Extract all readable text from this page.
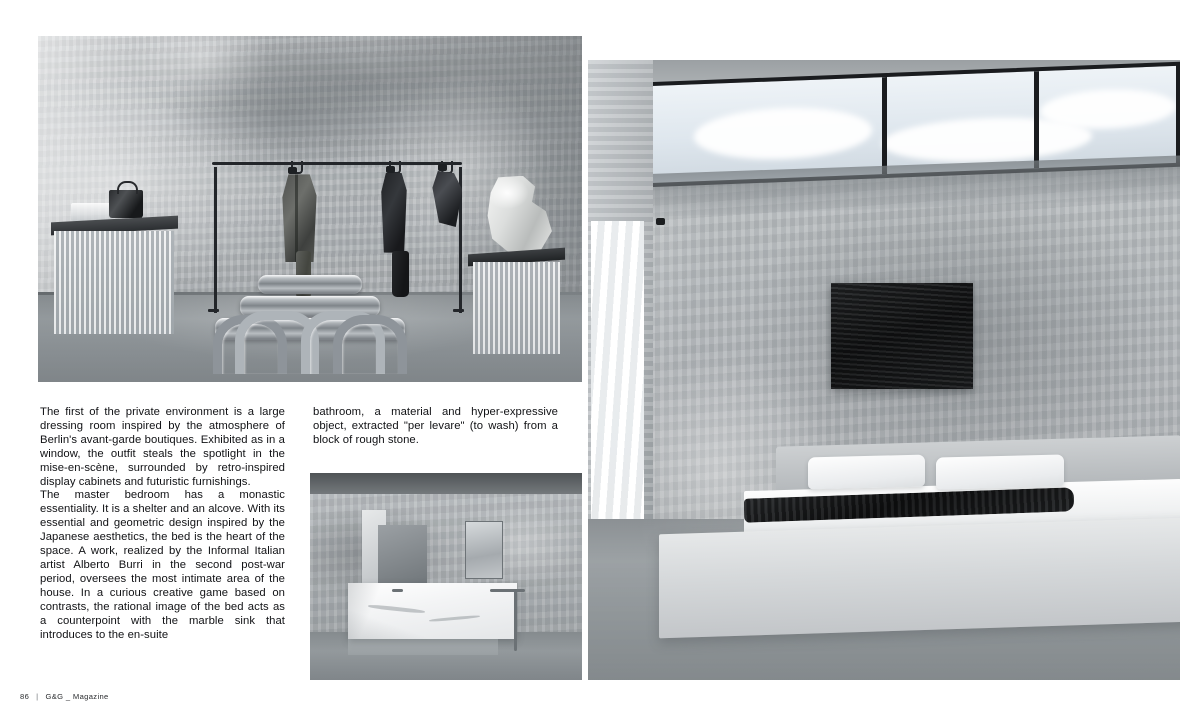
The first of the private environment is a large dressing room inspired by the atmosphere of Berlin's avant-garde boutiques. Exhibited as in a window, the outfit steals the spotlight in the mise-en-scène, surrounded by retro-inspired display cabinets and futuristic furnishings.

The master bedroom has a monastic essentiality. It is a shelter and an alcove. With its essential and geometric design inspired by the Japanese aesthetics, the bed is the heart of the space. A work, realized by the Informal Italian artist Alberto Burri in the second post-war period, oversees the most intimate area of the house. In a curious creative game based on contrasts, the rational image of the bed acts as a counterpoint with the marble sink that introduces to the en-suite

bathroom, a material and hyper-expressive object, extracted "per levare" (to wash) from a block of rough stone.

86 | G&G _ Magazine
